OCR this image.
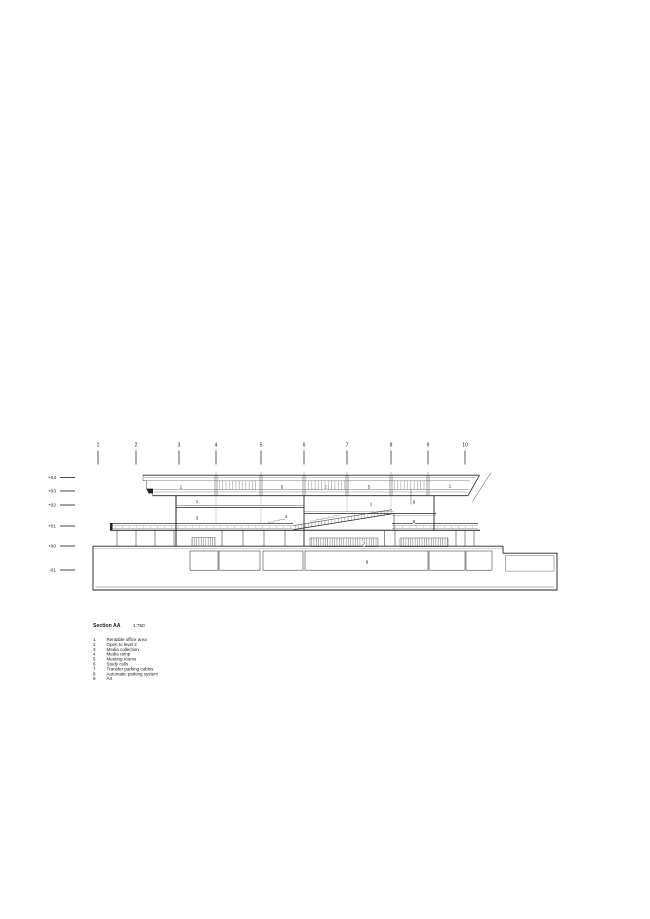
1	2	3	4	5	6	7	8	9	10
+04
+03
+02
+01
+00
-01
7
9
1	5	2	5	1
1	1
3	4
6
8
Section AA	1:750
1 Rentable office area
2 Open to level 2
3 Media collection
4 Media ramp
5 Meeting rooms
6 Study cells
7 Transfer parking cabins
8 Automatic parking system
9 Art
